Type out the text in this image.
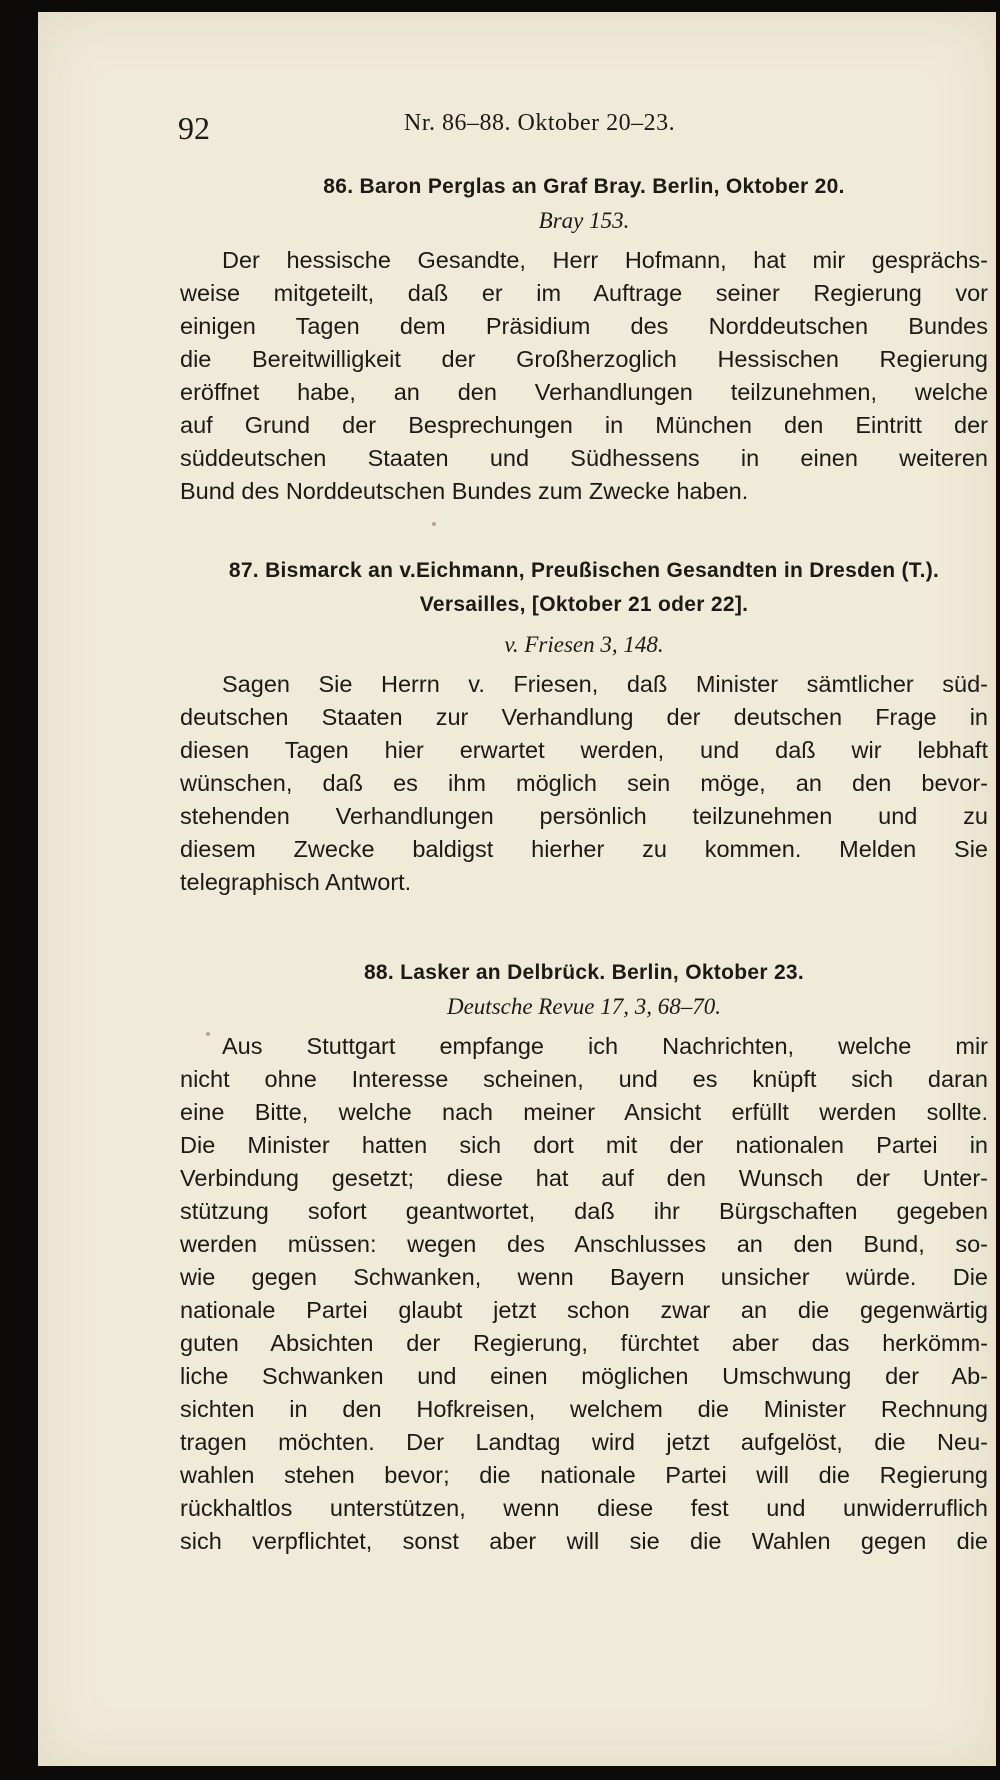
92	Nr. 86–88. Oktober 20–23.

86. Baron Perglas an Graf Bray. Berlin, Oktober 20.

Bray 153.

Der hessische Gesandte, Herr Hofmann, hat mir gesprächs-
weise mitgeteilt, daß er im Auftrage seiner Regierung vor
einigen Tagen dem Präsidium des Norddeutschen Bundes
die Bereitwilligkeit der Großherzoglich Hessischen Regierung
eröffnet habe, an den Verhandlungen teilzunehmen, welche
auf Grund der Besprechungen in München den Eintritt der
süddeutschen Staaten und Südhessens in einen weiteren
Bund des Norddeutschen Bundes zum Zwecke haben.

87. Bismarck an v.Eichmann, Preußischen Gesandten in Dresden (T.).

Versailles, [Oktober 21 oder 22].

v. Friesen 3, 148.

Sagen Sie Herrn v. Friesen, daß Minister sämtlicher süd-
deutschen Staaten zur Verhandlung der deutschen Frage in
diesen Tagen hier erwartet werden, und daß wir lebhaft
wünschen, daß es ihm möglich sein möge, an den bevor-
stehenden Verhandlungen persönlich teilzunehmen und zu
diesem Zwecke baldigst hierher zu kommen. Melden Sie
telegraphisch Antwort.

88. Lasker an Delbrück. Berlin, Oktober 23.

Deutsche Revue 17, 3, 68–70.

Aus Stuttgart empfange ich Nachrichten, welche mir
nicht ohne Interesse scheinen, und es knüpft sich daran
eine Bitte, welche nach meiner Ansicht erfüllt werden sollte.
Die Minister hatten sich dort mit der nationalen Partei in
Verbindung gesetzt; diese hat auf den Wunsch der Unter-
stützung sofort geantwortet, daß ihr Bürgschaften gegeben
werden müssen: wegen des Anschlusses an den Bund, so-
wie gegen Schwanken, wenn Bayern unsicher würde. Die
nationale Partei glaubt jetzt schon zwar an die gegenwärtig
guten Absichten der Regierung, fürchtet aber das herkömm-
liche Schwanken und einen möglichen Umschwung der Ab-
sichten in den Hofkreisen, welchem die Minister Rechnung
tragen möchten. Der Landtag wird jetzt aufgelöst, die Neu-
wahlen stehen bevor; die nationale Partei will die Regierung
rückhaltlos unterstützen, wenn diese fest und unwiderruflich
sich verpflichtet, sonst aber will sie die Wahlen gegen die
